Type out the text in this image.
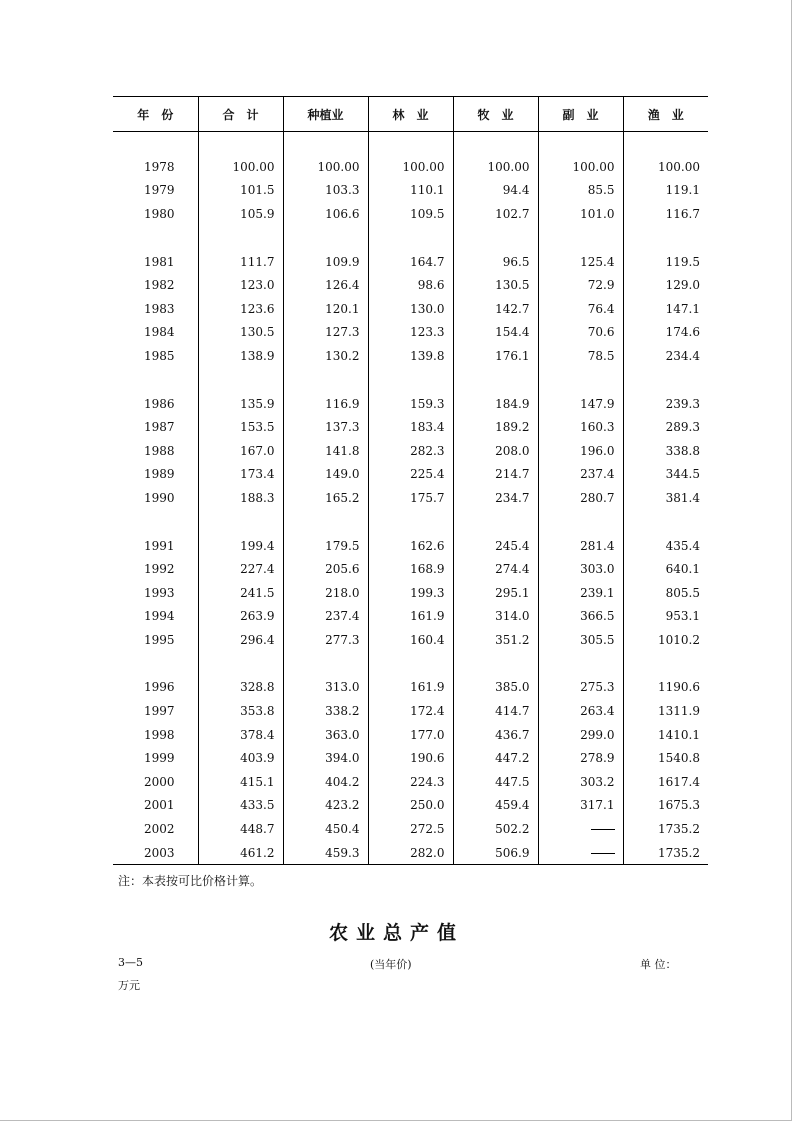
年　份	合　计	种植业	林　业	牧　业	副　业	渔　业

1978	100.00	100.00	100.00	100.00	100.00	100.00
1979	101.5	103.3	110.1	94.4	85.5	119.1
1980	105.9	106.6	109.5	102.7	101.0	116.7

1981	111.7	109.9	164.7	96.5	125.4	119.5
1982	123.0	126.4	98.6	130.5	72.9	129.0
1983	123.6	120.1	130.0	142.7	76.4	147.1
1984	130.5	127.3	123.3	154.4	70.6	174.6
1985	138.9	130.2	139.8	176.1	78.5	234.4

1986	135.9	116.9	159.3	184.9	147.9	239.3
1987	153.5	137.3	183.4	189.2	160.3	289.3
1988	167.0	141.8	282.3	208.0	196.0	338.8
1989	173.4	149.0	225.4	214.7	237.4	344.5
1990	188.3	165.2	175.7	234.7	280.7	381.4

1991	199.4	179.5	162.6	245.4	281.4	435.4
1992	227.4	205.6	168.9	274.4	303.0	640.1
1993	241.5	218.0	199.3	295.1	239.1	805.5
1994	263.9	237.4	161.9	314.0	366.5	953.1
1995	296.4	277.3	160.4	351.2	305.5	1010.2

1996	328.8	313.0	161.9	385.0	275.3	1190.6
1997	353.8	338.2	172.4	414.7	263.4	1311.9
1998	378.4	363.0	177.0	436.7	299.0	1410.1
1999	403.9	394.0	190.6	447.2	278.9	1540.8
2000	415.1	404.2	224.3	447.5	303.2	1617.4
2001	433.5	423.2	250.0	459.4	317.1	1675.3
2002	448.7	450.4	272.5	502.2		1735.2
2003	461.2	459.3	282.0	506.9		1735.2
注：本表按可比价格计算。
农业总产值
3—5	(当年价)	单 位：
万元
